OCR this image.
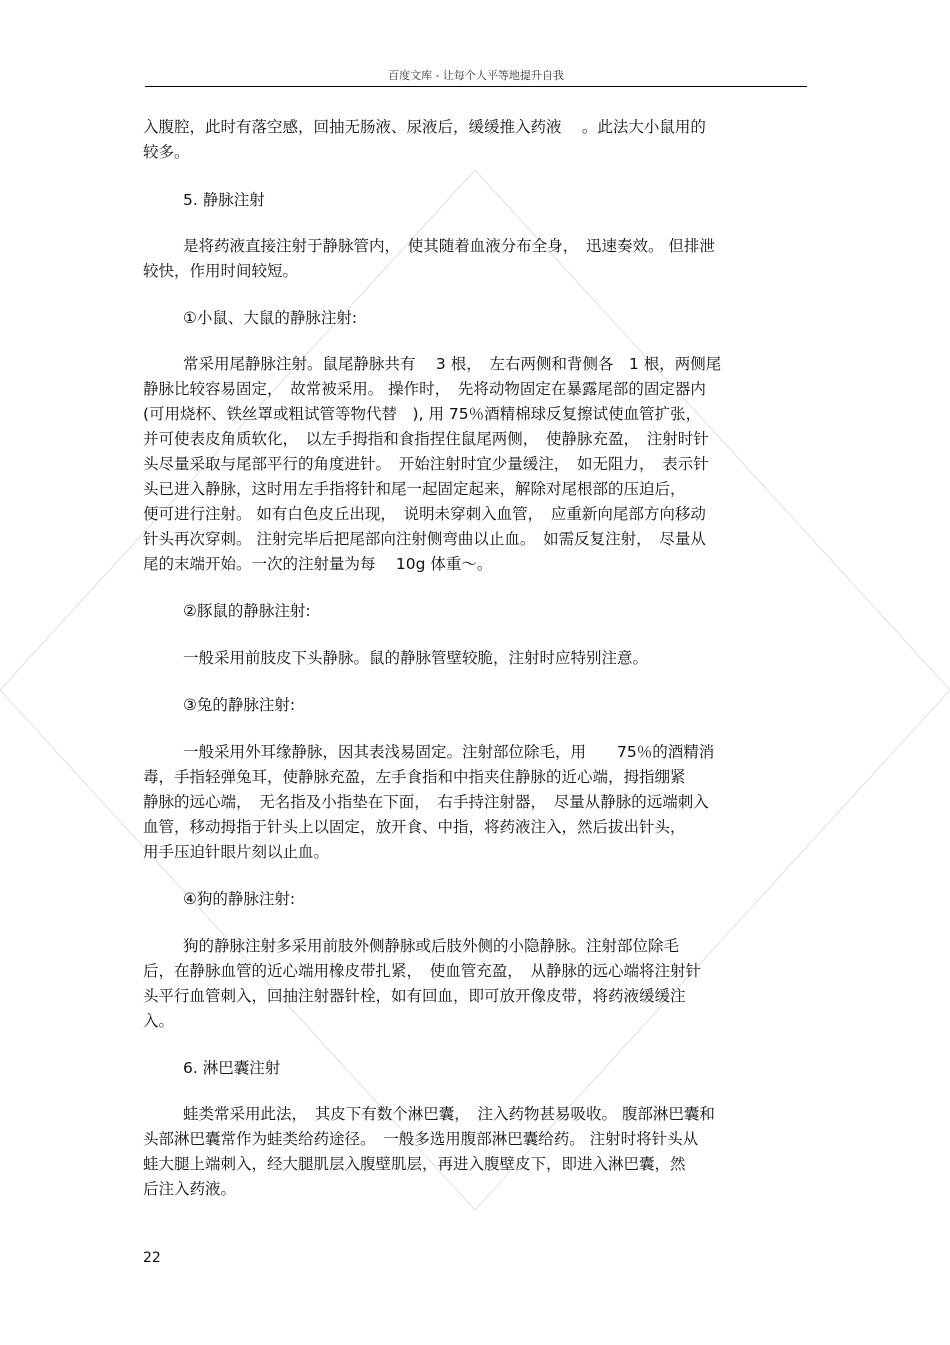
百度文库 - 让每个人平等地提升自我

入腹腔，此时有落空感，回抽无肠液、尿液后，缓缓推入药液　 。此法大小鼠用的
较多。

5. 静脉注射

是将药液直接注射于静脉管内，　使其随着血液分布全身，　迅速奏效。 但排泄
较快，作用时间较短。

①小鼠、大鼠的静脉注射:

常采用尾静脉注射。鼠尾静脉共有　 3 根，　左右两侧和背侧各　1 根，两侧尾
静脉比较容易固定，　故常被采用。 操作时，　先将动物固定在暴露尾部的固定器内
(可用烧杯、铁丝罩或粗试管等物代替　), 用 75％酒精棉球反复擦试使血管扩张，
并可使表皮角质软化，　以左手拇指和食指捏住鼠尾两侧，　使静脉充盈，　注射时针
头尽量采取与尾部平行的角度进针。　开始注射时宜少量缓注，　如无阻力，　表示针
头已进入静脉，这时用左手指将针和尾一起固定起来，解除对尾根部的压迫后，
便可进行注射。 如有白色皮丘出现，　说明未穿刺入血管，　应重新向尾部方向移动
针头再次穿刺。 注射完毕后把尾部向注射侧弯曲以止血。　如需反复注射，　尽量从
尾的末端开始。一次的注射量为每　 10g 体重～。

②豚鼠的静脉注射:

一般采用前肢皮下头静脉。鼠的静脉管壁较脆，注射时应特别注意。

③兔的静脉注射:

一般采用外耳缘静脉，因其表浅易固定。注射部位除毛，用　　75％的酒精消
毒，手指轻弹兔耳，使静脉充盈，左手食指和中指夹住静脉的近心端，拇指绷紧
静脉的远心端，　无名指及小指垫在下面，　右手持注射器，　尽量从静脉的远端刺入
血管，移动拇指于针头上以固定，放开食、中指，将药液注入，然后拔出针头，
用手压迫针眼片刻以止血。

④狗的静脉注射:

狗的静脉注射多采用前肢外侧静脉或后肢外侧的小隐静脉。注射部位除毛
后，在静脉血管的近心端用橡皮带扎紧，　使血管充盈，　从静脉的远心端将注射针
头平行血管刺入，回抽注射器针栓，如有回血，即可放开像皮带，将药液缓缓注
入。

6. 淋巴囊注射

蛙类常采用此法，　其皮下有数个淋巴囊，　注入药物甚易吸收。 腹部淋巴囊和
头部淋巴囊常作为蛙类给药途径。　一般多选用腹部淋巴囊给药。 注射时将针头从
蛙大腿上端刺入，经大腿肌层入腹壁肌层，再进入腹壁皮下，即进入淋巴囊，然
后注入药液。

22
